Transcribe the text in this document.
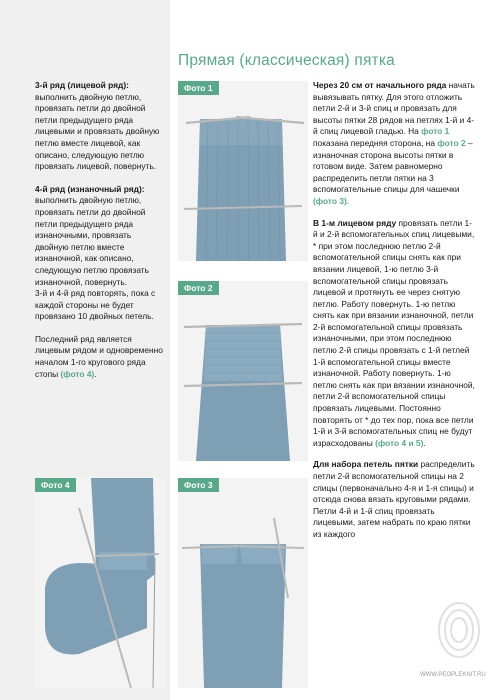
3-й ряд (лицевой ряд):
выполнить двойную петлю, провязать петли до двойной петли предыдущего ряда лицевыми и провязать двойную петлю вместе лицевой, как описано, следующую петлю провязать лицевой, повернуть.

4-й ряд (изнаночный ряд):
выполнить двойную петлю, провязать петли до двойной петли предыдущего ряда изнаночными, провязать двойную петлю вместе изнаночной, как описано, следующую петлю провязать изнаночной, повернуть.
3-й и 4-й ряд повторять, пока с каждой стороны не будет провязано 10 двойных петель.

Последний ряд является лицевым рядом и одновременно началом 1-го кругового ряда стопы (фото 4).

Прямая (классическая) пятка
Фото 1
Фото 2
Фото 3
Фото 4

Через 20 см от начального ряда начать вывязывать пятку. Для этого отложить петли 2-й и 3-й спиц и провязать для высоты пятки 28 рядов на петлях 1-й и 4-й спиц лицевой гладью. На фото 1 показана передняя сторона, на фото 2 – изнаночная сторона высоты пятки в готовом виде. Затем равномерно распределить петли пятки на 3 вспомогательные спицы для чашечки (фото 3).

В 1-м лицевом ряду провязать петли 1-й и 2-й вспомогательных спиц лицевыми, * при этом последнюю петлю 2-й вспомогательной спицы снять как при вязании лицевой, 1-ю петлю 3-й вспомогательной спицы провязать лицевой и протянуть ее через снятую петлю. Работу повернуть. 1-ю петлю снять как при вязании изнаночной, петли 2-й вспомогательной спицы провязать изнаночными, при этом последнюю петлю 2-й спицы провязать с 1-й петлей 1-й вспомогательной спицы вместе изнаночной. Работу повернуть. 1-ю петлю снять как при вязании изнаночной, петли 2-й вспомогательной спицы провязать лицевыми. Постоянно повторять от * до тех пор, пока все петли 1-й и 3-й вспомогательных спиц не будут израсходованы (фото 4 и 5).

Для набора петель пятки распределить петли 2-й вспомогательной спицы на 2 спицы (первоначально 4-я и 1-я спицы) и отсюда снова вязать круговыми рядами. Петли 4-й и 1-й спиц провязать лицевыми, затем набрать по краю пятки из каждого

WWW.PEOPLEKNIT.RU
